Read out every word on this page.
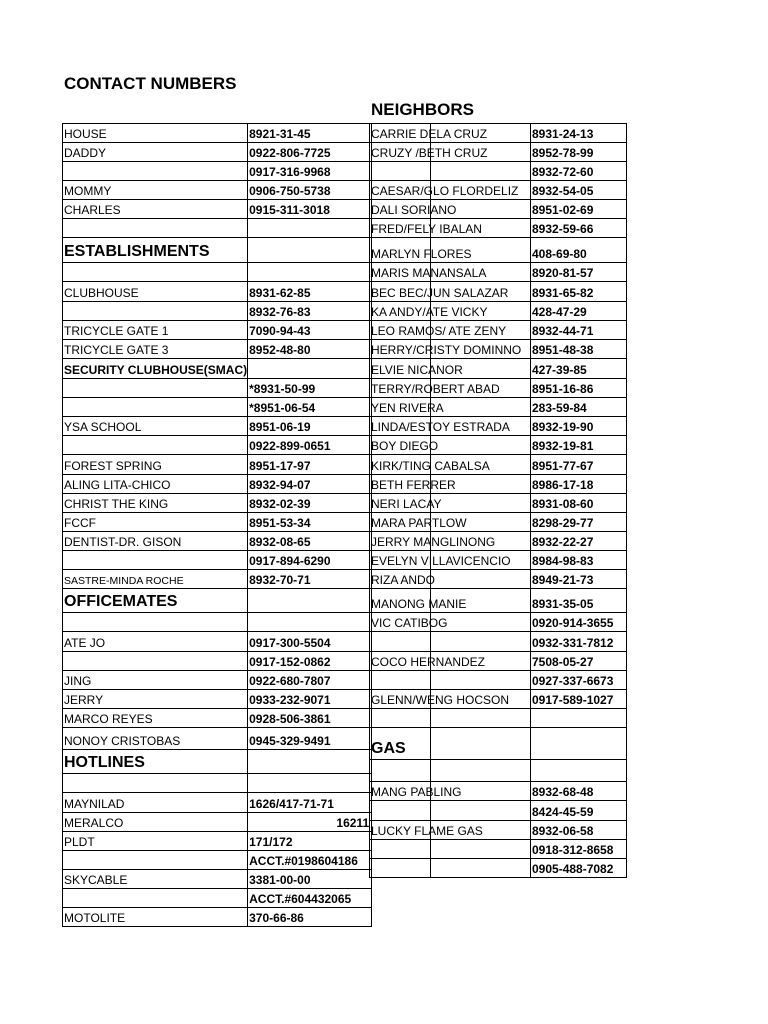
CONTACT NUMBERS
NEIGHBORS
HOUSE	8921-31-45
DADDY	0922-806-7725
	0917-316-9968
MOMMY	0906-750-5738
CHARLES	0915-311-3018

ESTABLISHMENTS	

CLUBHOUSE	8931-62-85
	8932-76-83
TRICYCLE GATE 1	7090-94-43
TRICYCLE GATE 3	8952-48-80
SECURITY CLUBHOUSE(SMAC)	
	*8931-50-99
	*8951-06-54
YSA SCHOOL	8951-06-19
	0922-899-0651
FOREST SPRING	8951-17-97
ALING LITA-CHICO	8932-94-07
CHRIST THE KING	8932-02-39
FCCF	8951-53-34
DENTIST-DR. GISON	8932-08-65
	0917-894-6290
SASTRE-MINDA ROCHE	8932-70-71
OFFICEMATES	

ATE JO	0917-300-5504
	0917-152-0862
JING	0922-680-7807
JERRY	0933-232-9071
MARCO REYES	0928-506-3861
NONOY CRISTOBAS	0945-329-9491
HOTLINES	

MAYNILAD	1626/417-71-71
MERALCO	16211
PLDT	171/172
	ACCT.#0198604186
SKYCABLE	3381-00-00
	ACCT.#604432065
MOTOLITE	370-66-86
CARRIE DELA CRUZ		8931-24-13

CRUZY /BETH CRUZ		8952-78-99

		8932-72-60

CAESAR/GLO FLORDELIZ		8932-54-05

DALI SORIANO		8951-02-69

FRED/FELY IBALAN		8932-59-66

MARLYN FLORES		408-69-80

MARIS MANANSALA		8920-81-57

BEC BEC/JUN SALAZAR		8931-65-82

KA ANDY/ATE VICKY		428-47-29

LEO RAMOS/ ATE ZENY		8932-44-71

HERRY/CRISTY DOMINNO		8951-48-38

ELVIE NICANOR		427-39-85

TERRY/ROBERT ABAD		8951-16-86

YEN RIVERA		283-59-84

LINDA/ESTOY ESTRADA		8932-19-90

BOY DIEGO		8932-19-81

KIRK/TING CABALSA		8951-77-67

BETH FERRER		8986-17-18

NERI LACAY		8931-08-60

MARA PARTLOW		8298-29-77

JERRY MANGLINONG		8932-22-27

EVELYN VILLAVICENCIO		8984-98-83

RIZA ANDO		8949-21-73

MANONG MANIE		8931-35-05

VIC CATIBOG		0920-914-3655

		0932-331-7812

COCO HERNANDEZ		7508-05-27

		0927-337-6673

GLENN/WENG HOCSON		0917-589-1027

GAS		

MANG PABLING		8932-68-48

		8424-45-59

LUCKY FLAME GAS		8932-06-58

		0918-312-8658

		0905-488-7082
